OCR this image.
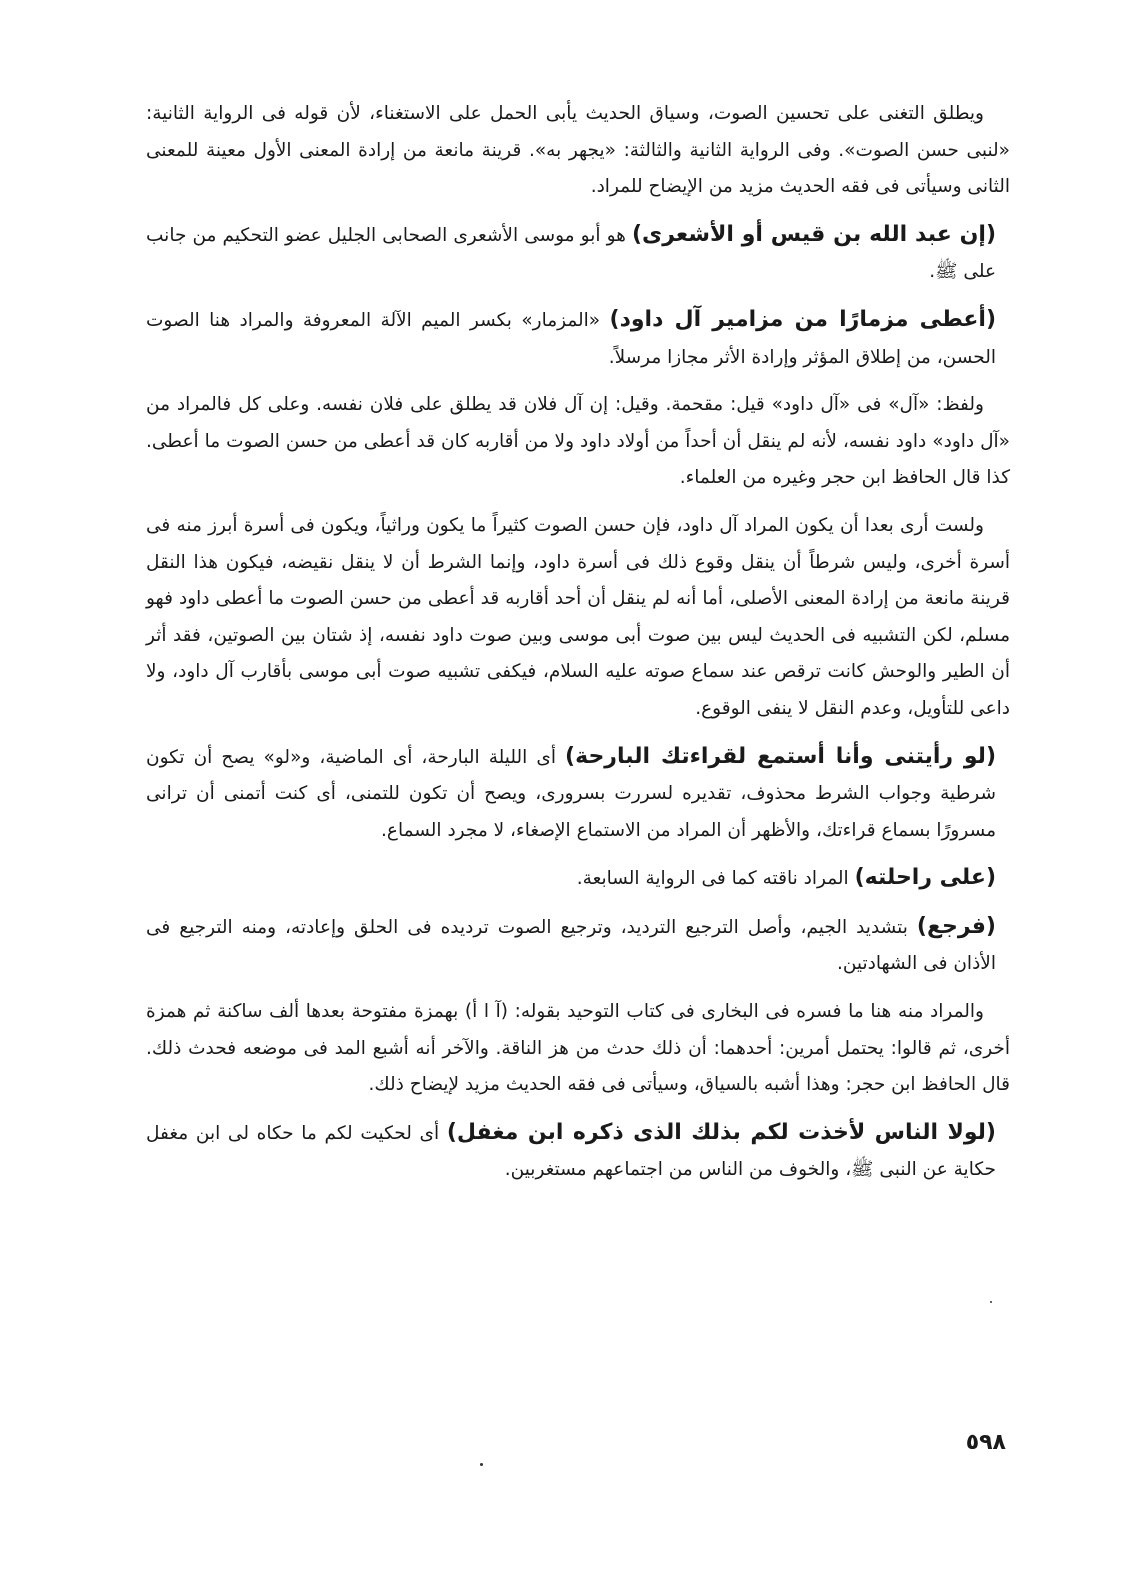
ويطلق التغنى على تحسين الصوت، وسياق الحديث يأبى الحمل على الاستغناء، لأن قوله فى الرواية الثانية: «لنبى حسن الصوت». وفى الرواية الثانية والثالثة: «يجهر به». قرينة مانعة من إرادة المعنى الأول معينة للمعنى الثانى وسيأتى فى فقه الحديث مزيد من الإيضاح للمراد.

(إن عبد الله بن قيس أو الأشعرى) هو أبو موسى الأشعرى الصحابى الجليل عضو التحكيم من جانب على ﷺ.

(أعطى مزمارًا من مزامير آل داود) «المزمار» بكسر الميم الآلة المعروفة والمراد هنا الصوت الحسن، من إطلاق المؤثر وإرادة الأثر مجازا مرسلاً.

ولفظ: «آل» فى «آل داود» قيل: مقحمة. وقيل: إن آل فلان قد يطلق على فلان نفسه. وعلى كل فالمراد من «آل داود» داود نفسه، لأنه لم ينقل أن أحداً من أولاد داود ولا من أقاربه كان قد أعطى من حسن الصوت ما أعطى. كذا قال الحافظ ابن حجر وغيره من العلماء.

ولست أرى بعدا أن يكون المراد آل داود، فإن حسن الصوت كثيراً ما يكون وراثياً، ويكون فى أسرة أبرز منه فى أسرة أخرى، وليس شرطاً أن ينقل وقوع ذلك فى أسرة داود، وإنما الشرط أن لا ينقل نقيضه، فيكون هذا النقل قرينة مانعة من إرادة المعنى الأصلى، أما أنه لم ينقل أن أحد أقاربه قد أعطى من حسن الصوت ما أعطى داود فهو مسلم، لكن التشبيه فى الحديث ليس بين صوت أبى موسى وبين صوت داود نفسه، إذ شتان بين الصوتين، فقد أثر أن الطير والوحش كانت ترقص عند سماع صوته عليه السلام، فيكفى تشبيه صوت أبى موسى بأقارب آل داود، ولا داعى للتأويل، وعدم النقل لا ينفى الوقوع.

(لو رأيتنى وأنا أستمع لقراءتك البارحة) أى الليلة البارحة، أى الماضية، و«لو» يصح أن تكون شرطية وجواب الشرط محذوف، تقديره لسررت بسرورى، ويصح أن تكون للتمنى، أى كنت أتمنى أن ترانى مسرورًا بسماع قراءتك، والأظهر أن المراد من الاستماع الإصغاء، لا مجرد السماع.

(على راحلته) المراد ناقته كما فى الرواية السابعة.

(فرجع) بتشديد الجيم، وأصل الترجيع الترديد، وترجيع الصوت ترديده فى الحلق وإعادته، ومنه الترجيع فى الأذان فى الشهادتين.

والمراد منه هنا ما فسره فى البخارى فى كتاب التوحيد بقوله: (آ ا أ) بهمزة مفتوحة بعدها ألف ساكنة ثم همزة أخرى، ثم قالوا: يحتمل أمرين: أحدهما: أن ذلك حدث من هز الناقة. والآخر أنه أشبع المد فى موضعه فحدث ذلك. قال الحافظ ابن حجر: وهذا أشبه بالسياق، وسيأتى فى فقه الحديث مزيد لإيضاح ذلك.

(لولا الناس لأخذت لكم بذلك الذى ذكره ابن مغفل) أى لحكيت لكم ما حكاه لى ابن مغفل حكاية عن النبى ﷺ، والخوف من الناس من اجتماعهم مستغربين.

٥٩٨
